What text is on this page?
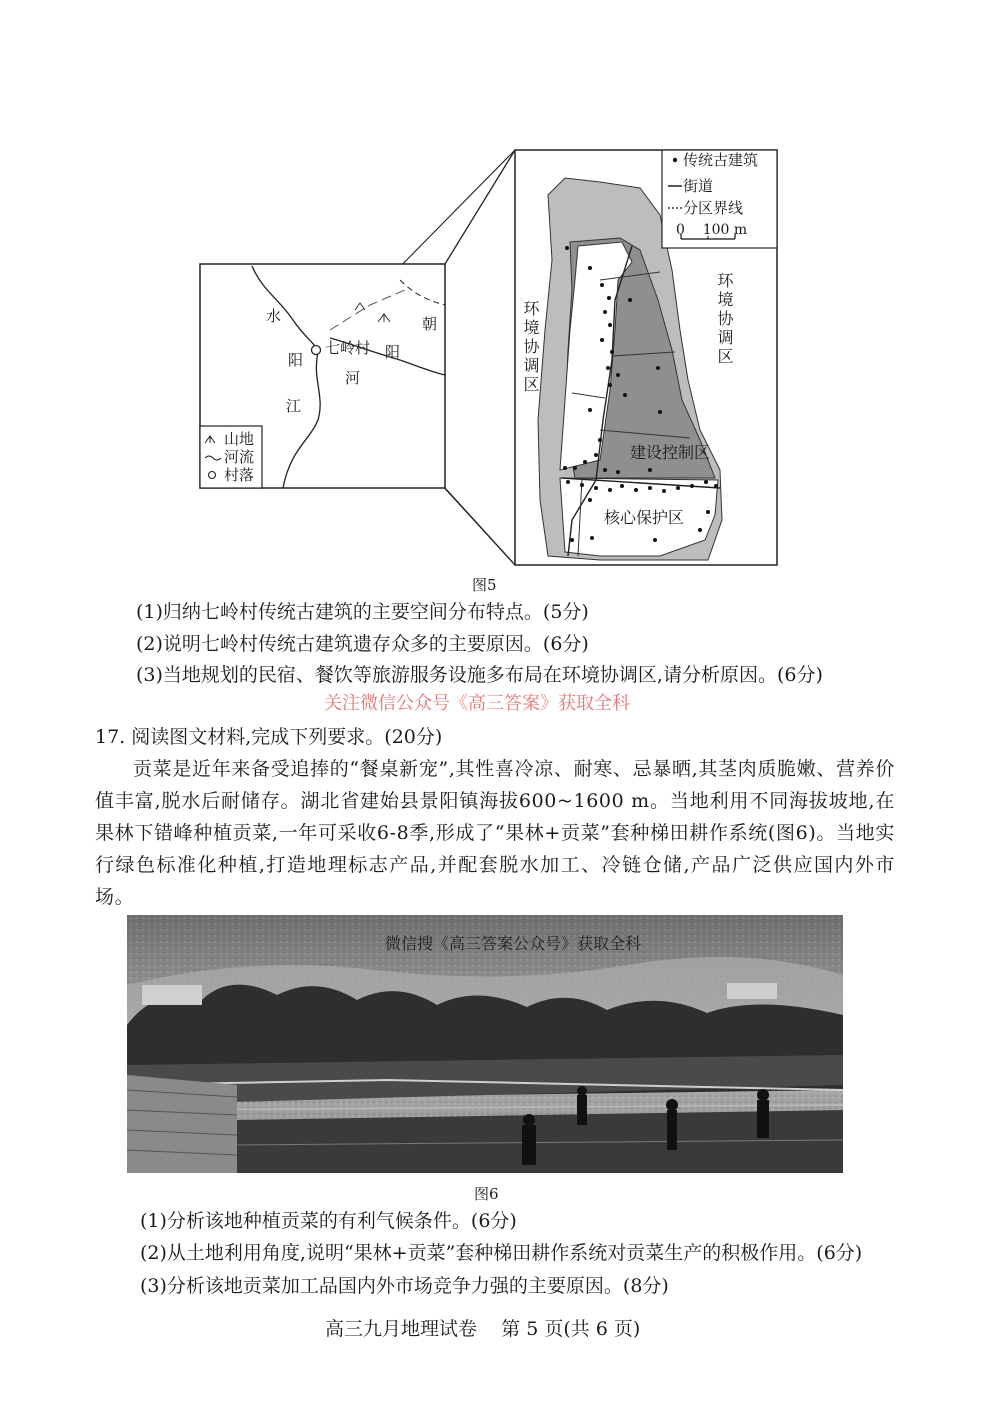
水
阳
江
七岭村
朝
阳
河
山地
河流
村落
传统古建筑
街道
分区界线
0    100 m
环境协调区	环境协调区
建设控制区
核心保护区
图5
(1)归纳七岭村传统古建筑的主要空间分布特点。(5分)
(2)说明七岭村传统古建筑遗存众多的主要原因。(6分)
(3)当地规划的民宿、餐饮等旅游服务设施多布局在环境协调区,请分析原因。(6分)
关注微信公众号《高三答案》获取全科
17. 阅读图文材料,完成下列要求。(20分)
贡菜是近年来备受追捧的“餐桌新宠”,其性喜冷凉、耐寒、忌暴晒,其茎肉质脆嫩、营养价值丰富,脱水后耐储存。湖北省建始县景阳镇海拔600~1600 m。当地利用不同海拔坡地,在果林下错峰种植贡菜,一年可采收6-8季,形成了“果林+贡菜”套种梯田耕作系统(图6)。当地实行绿色标准化种植,打造地理标志产品,并配套脱水加工、冷链仓储,产品广泛供应国内外市场。
微信搜《高三答案公众号》获取全科
图6
(1)分析该地种植贡菜的有利气候条件。(6分)
(2)从土地利用角度,说明“果林+贡菜”套种梯田耕作系统对贡菜生产的积极作用。(6分)
(3)分析该地贡菜加工品国内外市场竞争力强的主要原因。(8分)
高三九月地理试卷    第 5 页(共 6 页)
